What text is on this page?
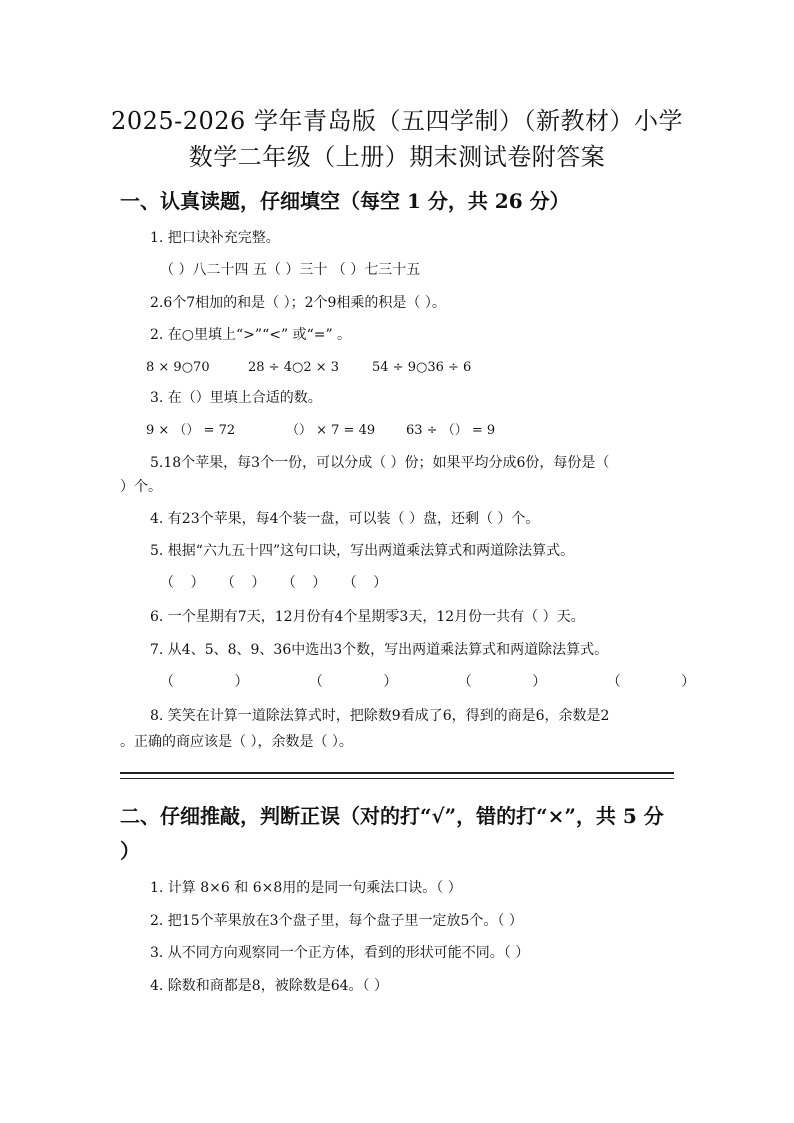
2025-2026 学年青岛版（五四学制）（新教材）小学
数学二年级（上册）期末测试卷附答案
一、认真读题，仔细填空（每空 1 分，共 26 分）
1. 把口诀补充完整。
（ ）八二十四 五（ ）三十 （ ）七三十五
2.6个7相加的和是（ ）；2个9相乘的积是（ ）。
2. 在○里填上“>”“<” 或“=” 。
8 × 9○70	28 ÷ 4○2 × 3	54 ÷ 9○36 ÷ 6
3. 在（）里填上合适的数。
9 × （） = 72	（） × 7 = 49 63 ÷ （） = 9
5.18个苹果，每3个一份，可以分成（ ）份；如果平均分成6份，每份是（
）个。
4. 有23个苹果，每4个装一盘，可以装（ ）盘，还剩（ ）个。
5. 根据“六九五十四”这句口诀，写出两道乘法算式和两道除法算式。
（ ） （ ） （ ） （ ）
6. 一个星期有7天，12月份有4个星期零3天，12月份一共有（ ）天。
7. 从4、5、8、9、36中选出3个数，写出两道乘法算式和两道除法算式。
（ ） （ ） （ ） （ ）
8. 笑笑在计算一道除法算式时，把除数9看成了6，得到的商是6，余数是2
。正确的商应该是（ ），余数是（ ）。
二、仔细推敲，判断正误（对的打“√”，错的打“×”，共 5 分
）
1. 计算 8×6 和 6×8用的是同一句乘法口诀。（ ）
2. 把15个苹果放在3个盘子里，每个盘子里一定放5个。（ ）
3. 从不同方向观察同一个正方体，看到的形状可能不同。（ ）
4. 除数和商都是8，被除数是64。（ ）
